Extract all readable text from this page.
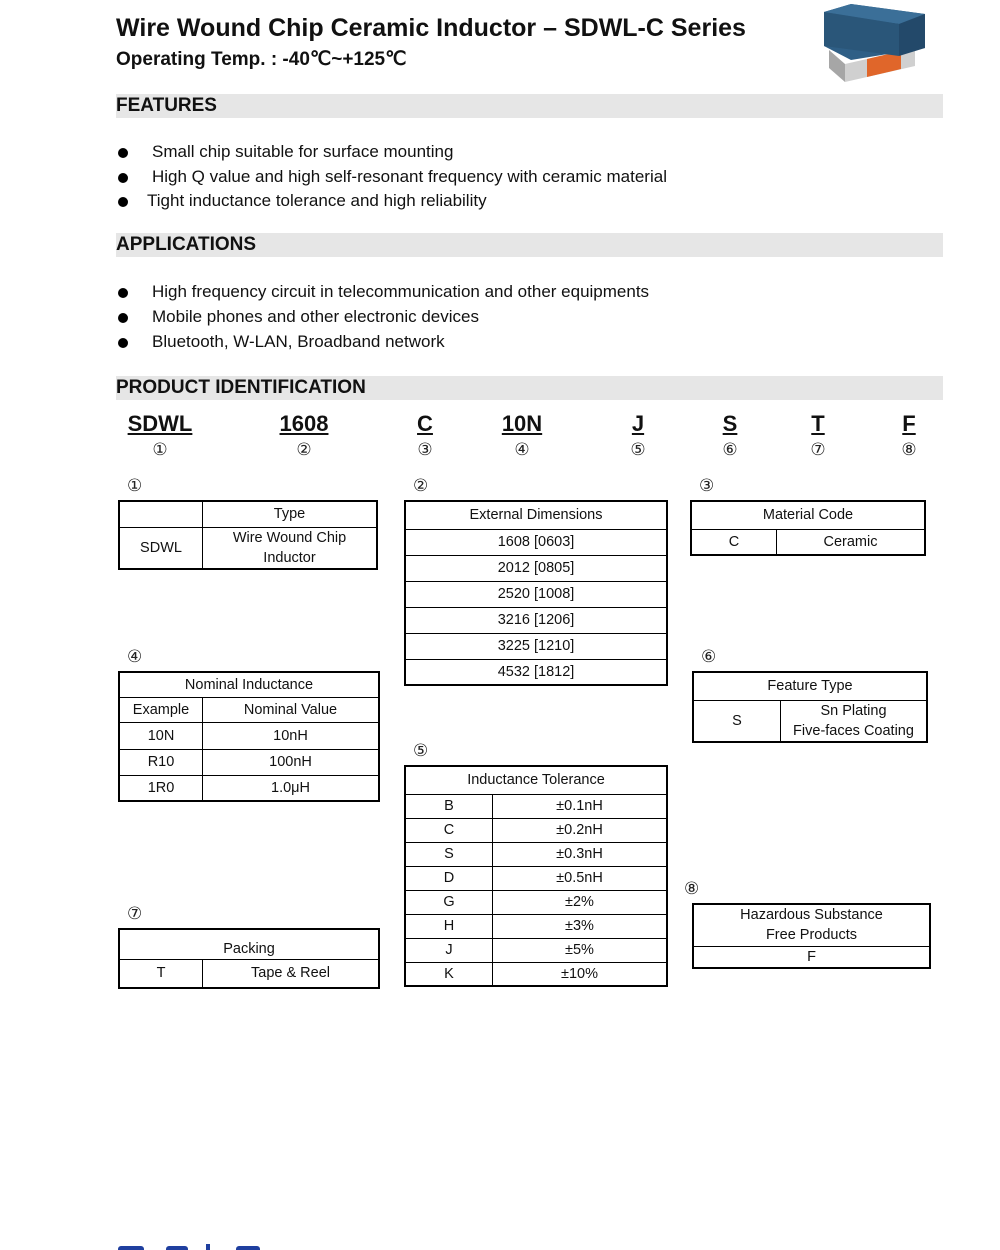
Wire Wound Chip Ceramic Inductor – SDWL-C Series
Operating Temp. : -40℃~+125℃
FEATURES
Small chip suitable for surface mounting
High Q value and high self-resonant frequency with ceramic material
Tight inductance tolerance and high reliability
APPLICATIONS
High frequency circuit in telecommunication and other equipments
Mobile phones and other electronic devices
Bluetooth, W-LAN, Broadband network
PRODUCT IDENTIFICATION
SDWL
①
1608
②
C
③
10N
④
J
⑤
S
⑥
T
⑦
F
⑧
①
	Type
SDWL	Wire Wound Chip
Inductor
②
External Dimensions
1608 [0603]
2012 [0805]
2520 [1008]
3216 [1206]
3225 [1210]
4532 [1812]
③
Material Code
C	Ceramic
④
Nominal Inductance	
Example	Nominal Value
10N	10nH
R10	100nH
1R0	1.0μH
⑤
Inductance Tolerance	
B	±0.1nH
C	±0.2nH
S	±0.3nH
D	±0.5nH
G	±2%
H	±3%
J	±5%
K	±10%
⑥
Feature Type
S	Sn Plating
Five-faces Coating
⑦
Packing
T	Tape & Reel
⑧
Hazardous Substance
Free Products
F
